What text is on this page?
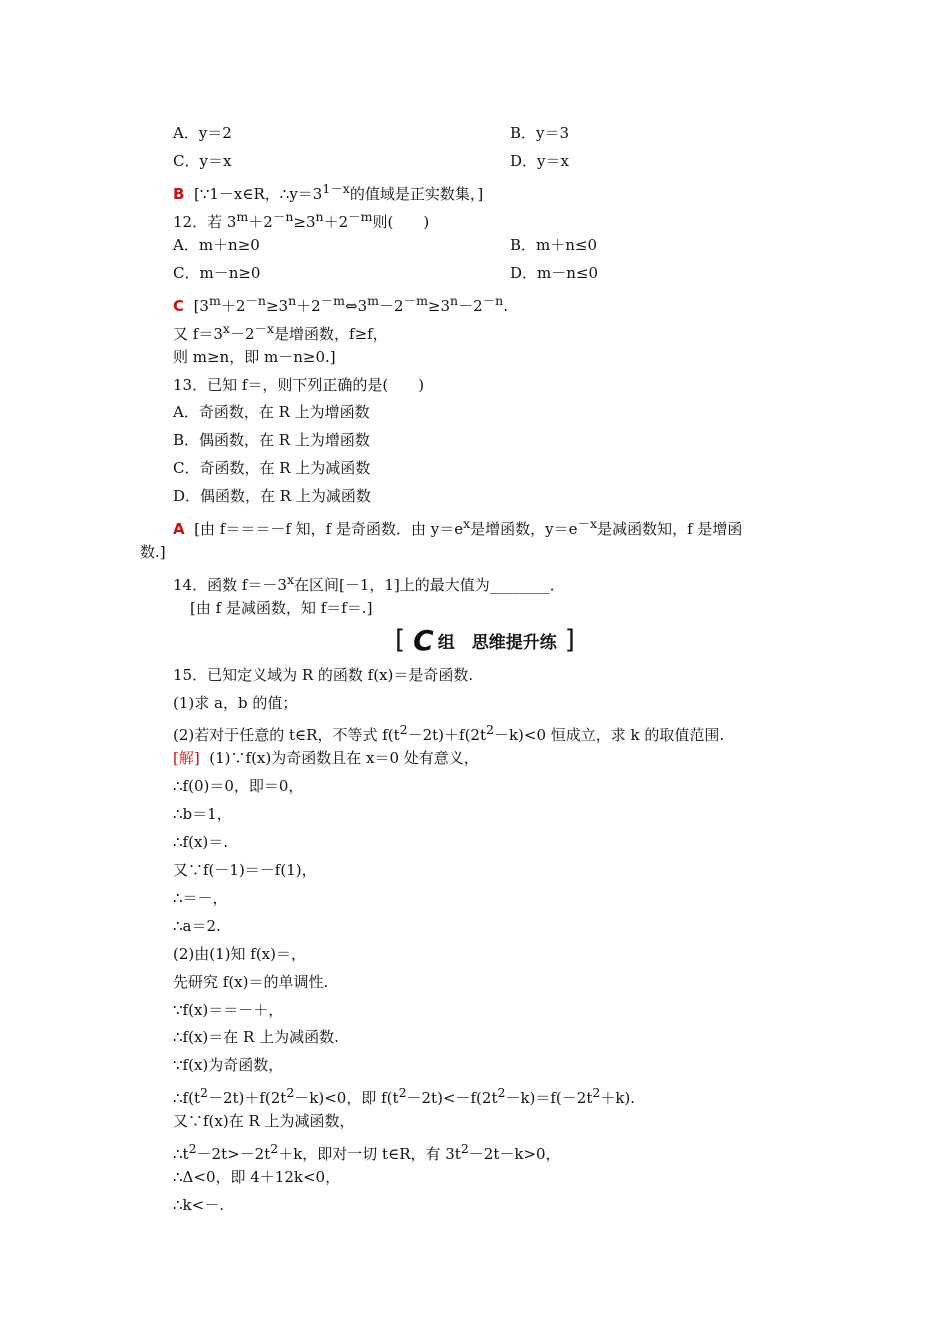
A．y＝2	B．y＝3
C．y＝x	D．y＝x
B [∵1－x∈R，$\therefore y=3^{1-x}$的值域是正实数集，]
12．若 $3^m+2^{-n}\ge 3^n+2^{-m}$则(　　)
A．m＋n≥0	B．m＋n≤0
C．m－n≥0	D．m－n≤0
C [$3^m+2^{-n}\ge 3^n+2^{-m}\Leftrightarrow 3^m-2^{-m}\ge 3^n-2^{-n}$.
又 $f=3^x-2^{-x}$是增函数，f≥f，
则 m≥n，即 m－n≥0.]
13．已知 f＝，则下列正确的是(　　)
A．奇函数，在 R 上为增函数
B．偶函数，在 R 上为增函数
C．奇函数，在 R 上为减函数
D．偶函数，在 R 上为减函数
A [由 f＝＝＝－f 知，f 是奇函数．由 $y=e^x$是增函数，$y=e^{-x}$是减函数知，f 是增函
数.]
14．函数 $f=-3^x$在区间[－1，1]上的最大值为________．
[由 f 是减函数，知 f＝f＝.]
[ C 组　思维提升练 ]
15．已知定义域为 R 的函数 f(x)＝是奇函数.
(1)求 a，b 的值；
(2)若对于任意的 t∈R，不等式 $f(t^2-2t)+f(2t^2-k)<0$ 恒成立，求 k 的取值范围.
[解] (1)∵f(x)为奇函数且在 x＝0 处有意义，
∴f(0)＝0，即＝0，
∴b＝1，
∴f(x)＝.
又∵f(－1)＝－f(1)，
∴＝－，
∴a＝2.
(2)由(1)知 f(x)＝，
先研究 f(x)＝的单调性.
∵f(x)＝＝－＋，
∴f(x)＝在 R 上为减函数.
∵f(x)为奇函数，
$\therefore f(t^2-2t)+f(2t^2-k)<0$，即 $f(t^2-2t)<-f(2t^2-k)=f(-2t^2+k)$.
又∵f(x)在 R 上为减函数，
$\therefore t^2-2t>-2t^2+k$，即对一切 t∈R，有 $3t^2-2t-k>0$，
∴Δ<0，即 4＋12k<0，
∴k<－.
